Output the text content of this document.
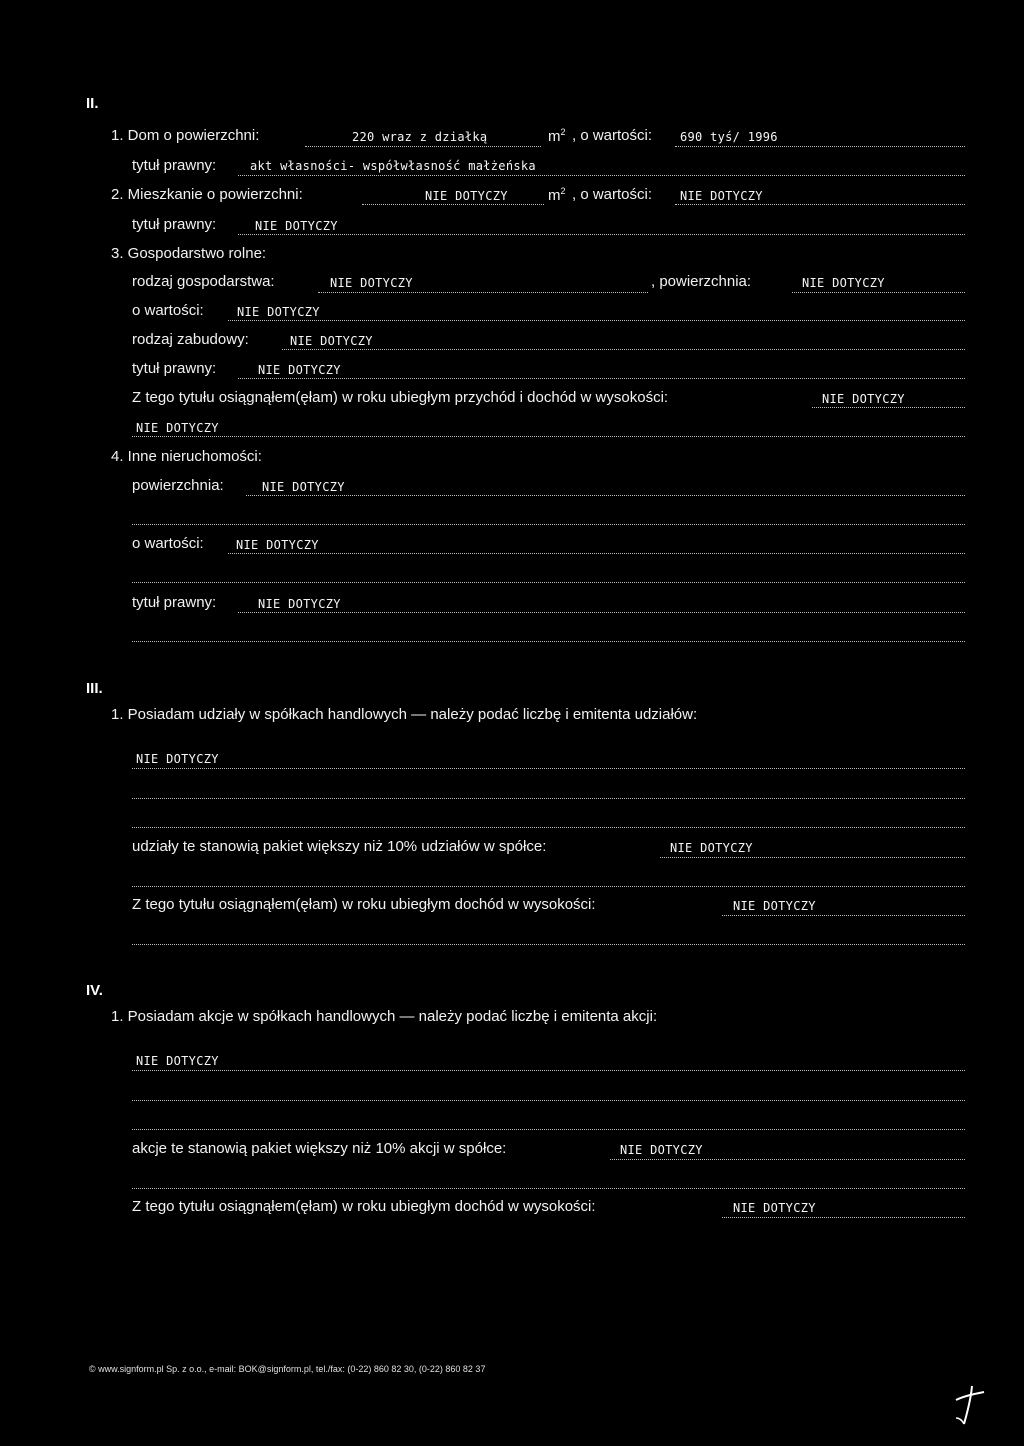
II.
1. Dom o powierzchni:	220 wraz z działką	$m^2$ , o wartości: 690 tyś/ 1996
tytuł prawny:	akt własności- współwłasność małżeńska
2. Mieszkanie o powierzchni:	NIE DOTYCZY	$m^2$ , o wartości: NIE DOTYCZY
tytuł prawny:	NIE DOTYCZY
3. Gospodarstwo rolne:
rodzaj gospodarstwa:	NIE DOTYCZY	, powierzchnia:	NIE DOTYCZY
o wartości:	NIE DOTYCZY
rodzaj zabudowy:	NIE DOTYCZY
tytuł prawny:	NIE DOTYCZY
Z tego tytułu osiągnąłem(ęłam) w roku ubiegłym przychód i dochód w wysokości:	NIE DOTYCZY
NIE DOTYCZY
4. Inne nieruchomości:
powierzchnia:	NIE DOTYCZY
o wartości:	NIE DOTYCZY
tytuł prawny:	NIE DOTYCZY
III.
1. Posiadam udziały w spółkach handlowych — należy podać liczbę i emitenta udziałów:
NIE DOTYCZY
udziały te stanowią pakiet większy niż 10% udziałów w spółce:	NIE DOTYCZY
Z tego tytułu osiągnąłem(ęłam) w roku ubiegłym dochód w wysokości:	NIE DOTYCZY
IV.
1. Posiadam akcje w spółkach handlowych — należy podać liczbę i emitenta akcji:
NIE DOTYCZY
akcje te stanowią pakiet większy niż 10% akcji w spółce:	NIE DOTYCZY
Z tego tytułu osiągnąłem(ęłam) w roku ubiegłym dochód w wysokości:	NIE DOTYCZY
© www.signform.pl Sp. z o.o., e-mail: BOK@signform.pl, tel./fax: (0-22) 860 82 30, (0-22) 860 82 37
